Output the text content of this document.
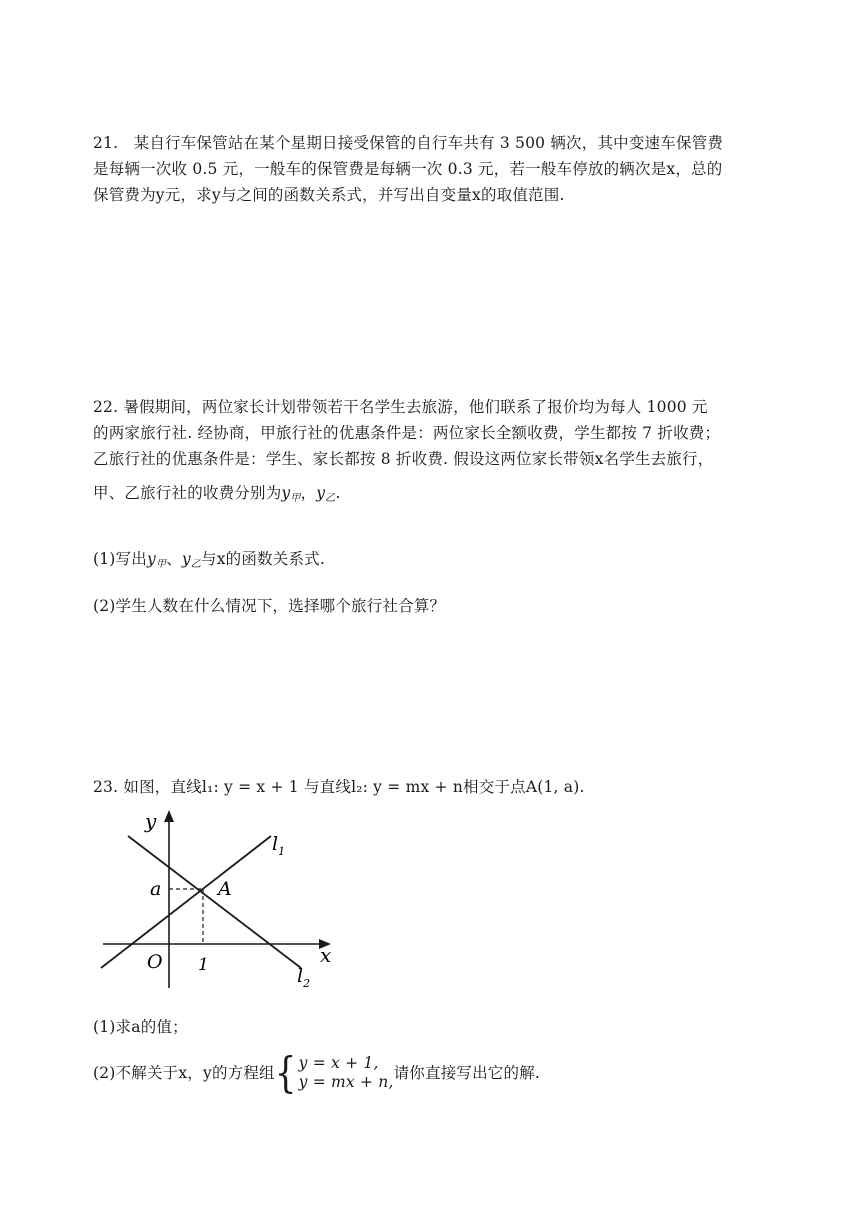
21.   某自行车保管站在某个星期日接受保管的自行车共有 3 500 辆次，其中变速车保管费
是每辆一次收 0.5 元，一般车的保管费是每辆一次 0.3 元，若一般车停放的辆次是x，总的
保管费为y元，求y与之间的函数关系式，并写出自变量x的取值范围.
22. 暑假期间，两位家长计划带领若干名学生去旅游，他们联系了报价均为每人 1000 元
的两家旅行社. 经协商，甲旅行社的优惠条件是：两位家长全额收费，学生都按 7 折收费；
乙旅行社的优惠条件是：学生、家长都按 8 折收费. 假设这两位家长带领x名学生去旅行，
甲、乙旅行社的收费分别为$y_甲$，$y_乙$.
(1)写出$y_甲$、$y_乙$与x的函数关系式.
(2)学生人数在什么情况下，选择哪个旅行社合算？
23. 如图，直线l₁: y = x + 1 与直线l₂: y = mx + n相交于点A(1, a).
y
x
O
a	A
1
$l_1$
$l_2$
(1)求a的值；
(2)不解关于x，y的方程组{ y = x + 1,
y = mx + n, 请你直接写出它的解.
